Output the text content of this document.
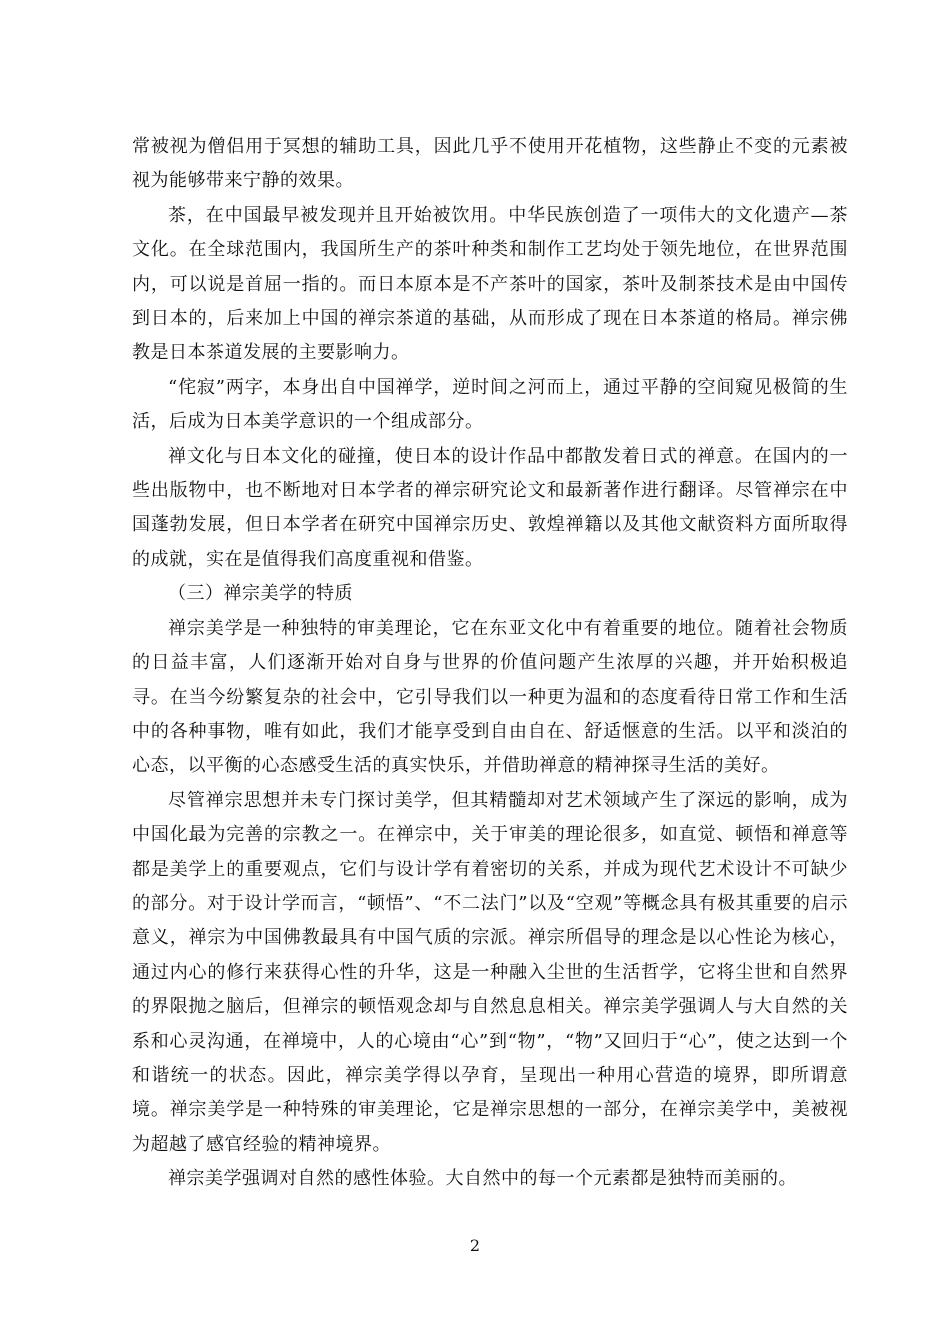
常被视为僧侣用于冥想的辅助工具，因此几乎不使用开花植物，这些静止不变的元素被视为能够带来宁静的效果。

茶，在中国最早被发现并且开始被饮用。中华民族创造了一项伟大的文化遗产—茶文化。在全球范围内，我国所生产的茶叶种类和制作工艺均处于领先地位，在世界范围内，可以说是首屈一指的。而日本原本是不产茶叶的国家，茶叶及制茶技术是由中国传到日本的，后来加上中国的禅宗茶道的基础，从而形成了现在日本茶道的格局。禅宗佛教是日本茶道发展的主要影响力。

“侘寂”两字，本身出自中国禅学，逆时间之河而上，通过平静的空间窥见极简的生活，后成为日本美学意识的一个组成部分。

禅文化与日本文化的碰撞，使日本的设计作品中都散发着日式的禅意。在国内的一些出版物中，也不断地对日本学者的禅宗研究论文和最新著作进行翻译。尽管禅宗在中国蓬勃发展，但日本学者在研究中国禅宗历史、敦煌禅籍以及其他文献资料方面所取得的成就，实在是值得我们高度重视和借鉴。

（三）禅宗美学的特质

禅宗美学是一种独特的审美理论，它在东亚文化中有着重要的地位。随着社会物质的日益丰富，人们逐渐开始对自身与世界的价值问题产生浓厚的兴趣，并开始积极追寻。在当今纷繁复杂的社会中，它引导我们以一种更为温和的态度看待日常工作和生活中的各种事物，唯有如此，我们才能享受到自由自在、舒适惬意的生活。以平和淡泊的心态，以平衡的心态感受生活的真实快乐，并借助禅意的精神探寻生活的美好。

尽管禅宗思想并未专门探讨美学，但其精髓却对艺术领域产生了深远的影响，成为中国化最为完善的宗教之一。在禅宗中，关于审美的理论很多，如直觉、顿悟和禅意等都是美学上的重要观点，它们与设计学有着密切的关系，并成为现代艺术设计不可缺少的部分。对于设计学而言，“顿悟”、“不二法门”以及“空观”等概念具有极其重要的启示意义，禅宗为中国佛教最具有中国气质的宗派。禅宗所倡导的理念是以心性论为核心，通过内心的修行来获得心性的升华，这是一种融入尘世的生活哲学，它将尘世和自然界的界限抛之脑后，但禅宗的顿悟观念却与自然息息相关。禅宗美学强调人与大自然的关系和心灵沟通，在禅境中，人的心境由“心”到“物”，“物”又回归于“心”，使之达到一个和谐统一的状态。因此，禅宗美学得以孕育，呈现出一种用心营造的境界，即所谓意境。禅宗美学是一种特殊的审美理论，它是禅宗思想的一部分，在禅宗美学中，美被视为超越了感官经验的精神境界。

禅宗美学强调对自然的感性体验。大自然中的每一个元素都是独特而美丽的。

2
